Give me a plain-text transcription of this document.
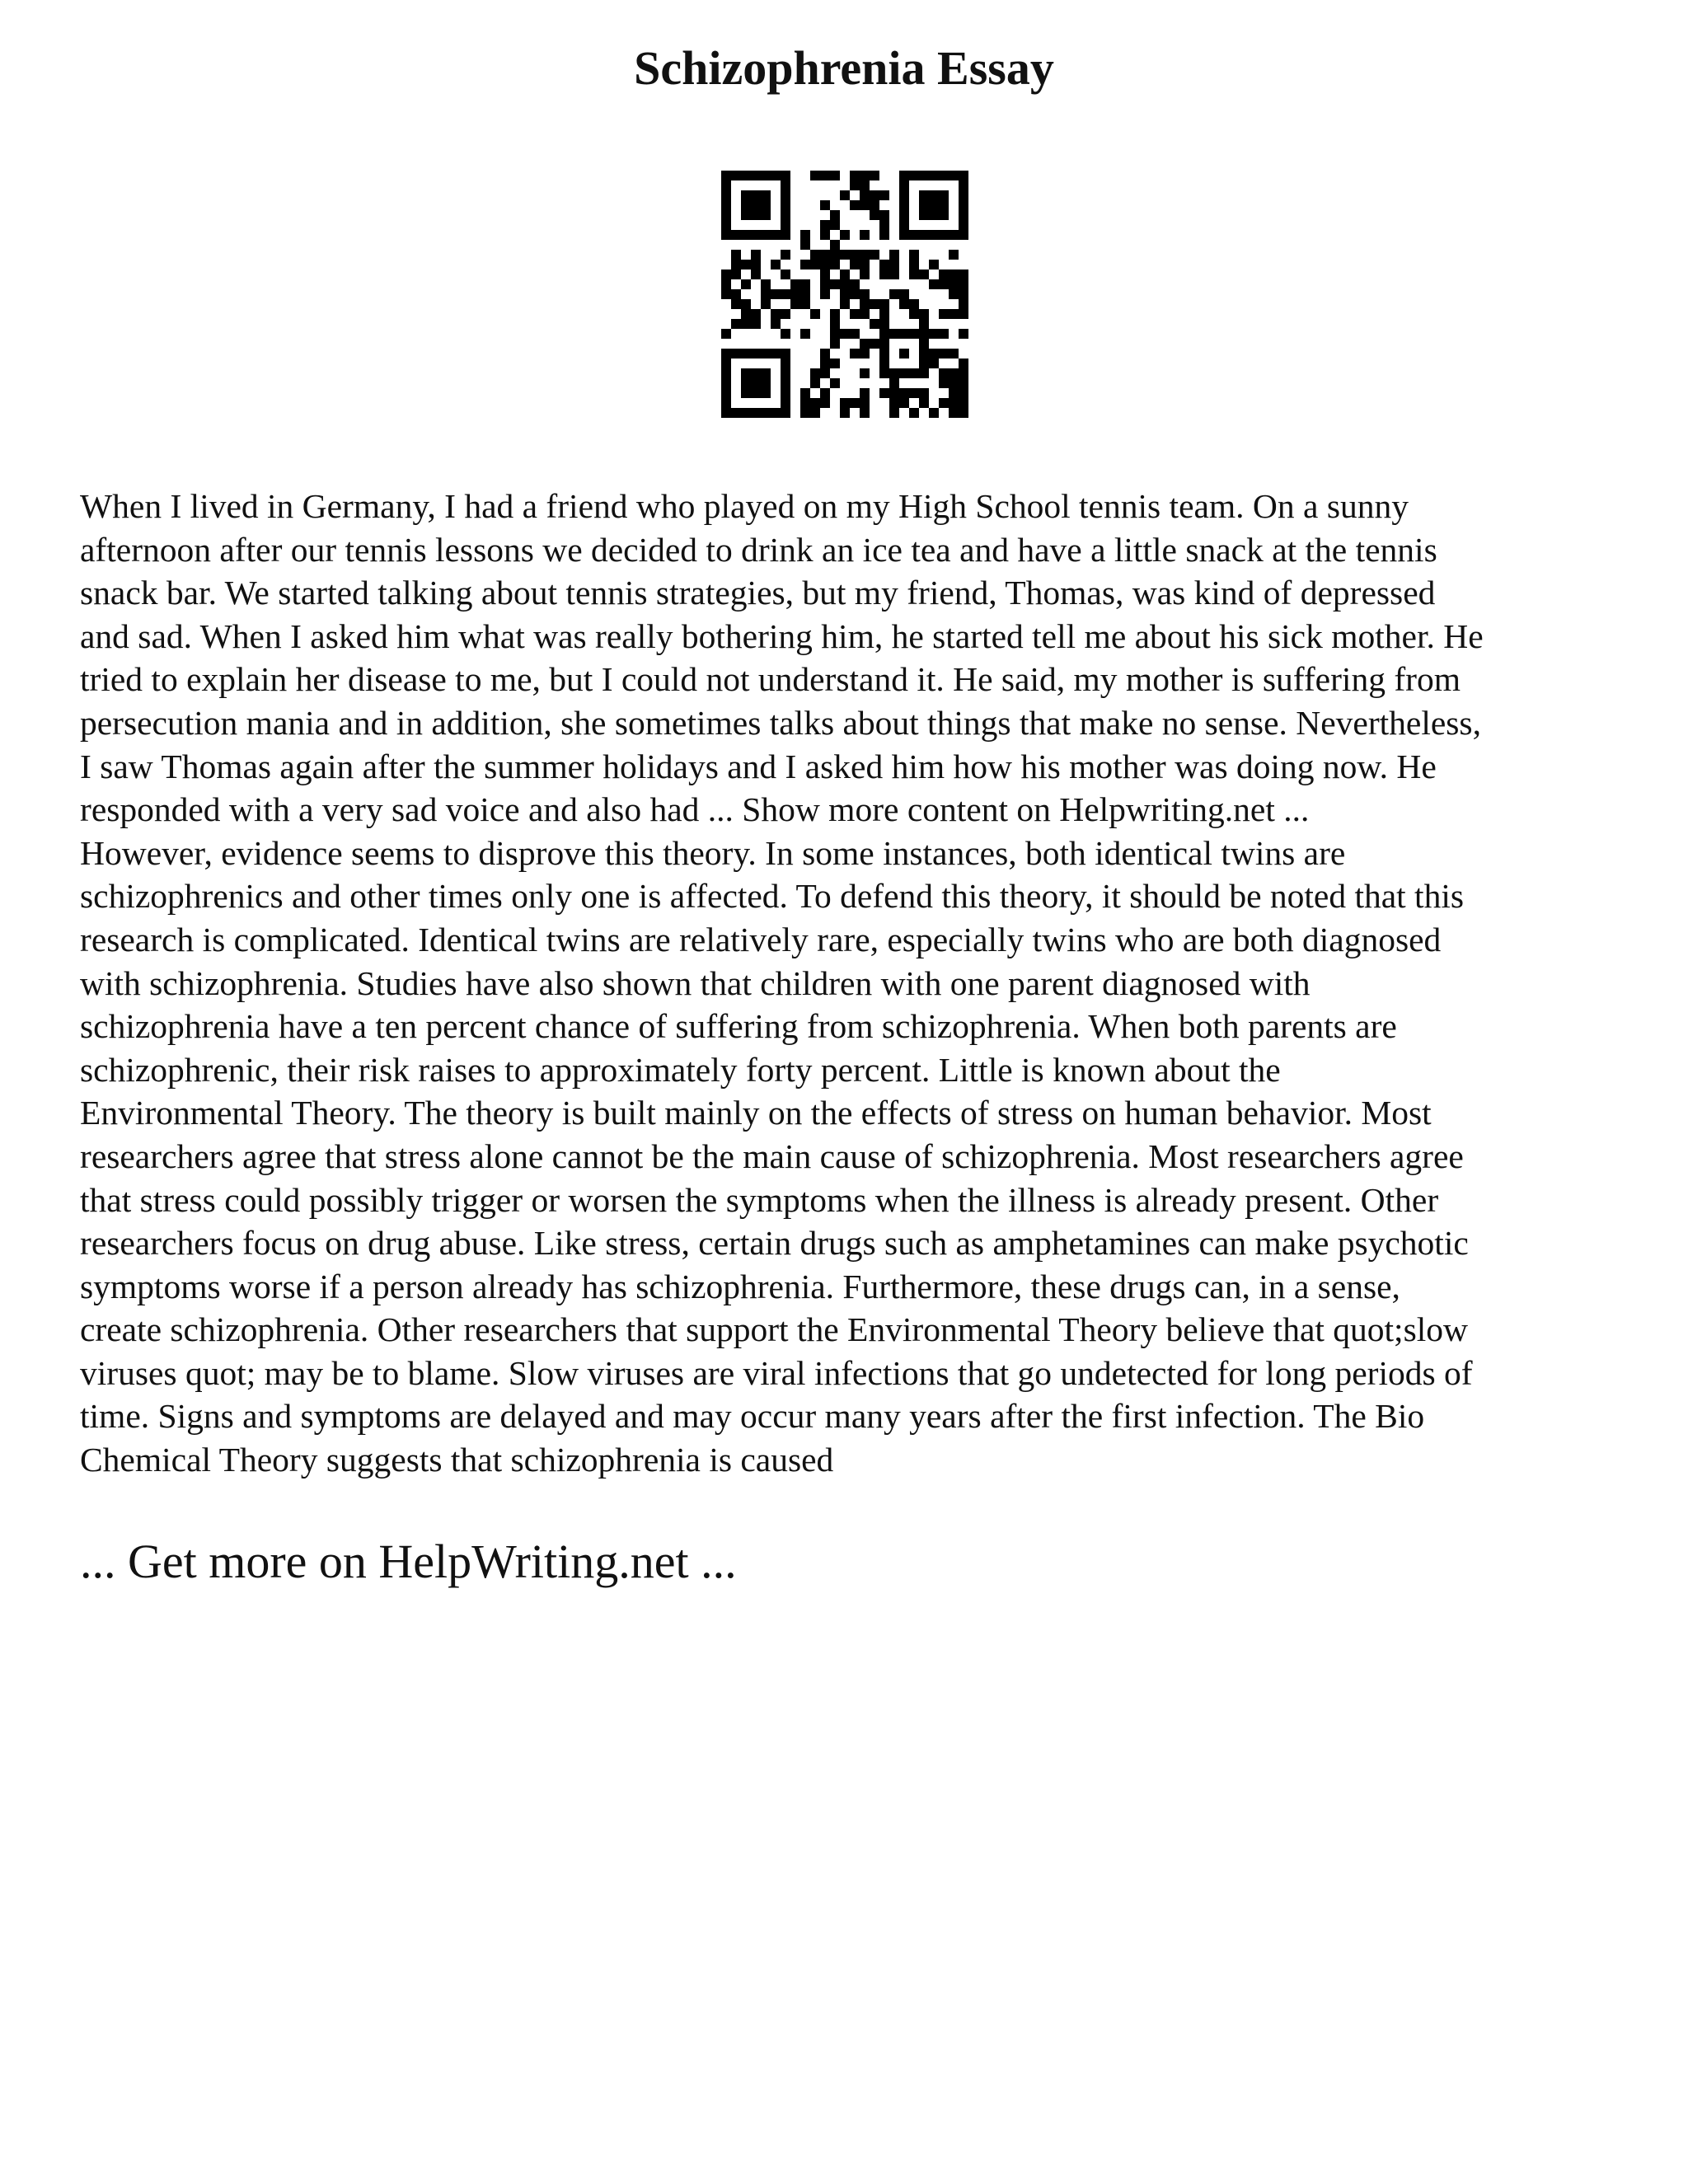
Schizophrenia Essay
When I lived in Germany, I had a friend who played on my High School tennis team. On a sunny
afternoon after our tennis lessons we decided to drink an ice tea and have a little snack at the tennis
snack bar. We started talking about tennis strategies, but my friend, Thomas, was kind of depressed
and sad. When I asked him what was really bothering him, he started tell me about his sick mother. He
tried to explain her disease to me, but I could not understand it. He said, my mother is suffering from
persecution mania and in addition, she sometimes talks about things that make no sense. Nevertheless,
I saw Thomas again after the summer holidays and I asked him how his mother was doing now. He
responded with a very sad voice and also had ... Show more content on Helpwriting.net ...
However, evidence seems to disprove this theory. In some instances, both identical twins are
schizophrenics and other times only one is affected. To defend this theory, it should be noted that this
research is complicated. Identical twins are relatively rare, especially twins who are both diagnosed
with schizophrenia. Studies have also shown that children with one parent diagnosed with
schizophrenia have a ten percent chance of suffering from schizophrenia. When both parents are
schizophrenic, their risk raises to approximately forty percent. Little is known about the
Environmental Theory. The theory is built mainly on the effects of stress on human behavior. Most
researchers agree that stress alone cannot be the main cause of schizophrenia. Most researchers agree
that stress could possibly trigger or worsen the symptoms when the illness is already present. Other
researchers focus on drug abuse. Like stress, certain drugs such as amphetamines can make psychotic
symptoms worse if a person already has schizophrenia. Furthermore, these drugs can, in a sense,
create schizophrenia. Other researchers that support the Environmental Theory believe that quot;slow
viruses quot; may be to blame. Slow viruses are viral infections that go undetected for long periods of
time. Signs and symptoms are delayed and may occur many years after the first infection. The Bio
Chemical Theory suggests that schizophrenia is caused
... Get more on HelpWriting.net ...
